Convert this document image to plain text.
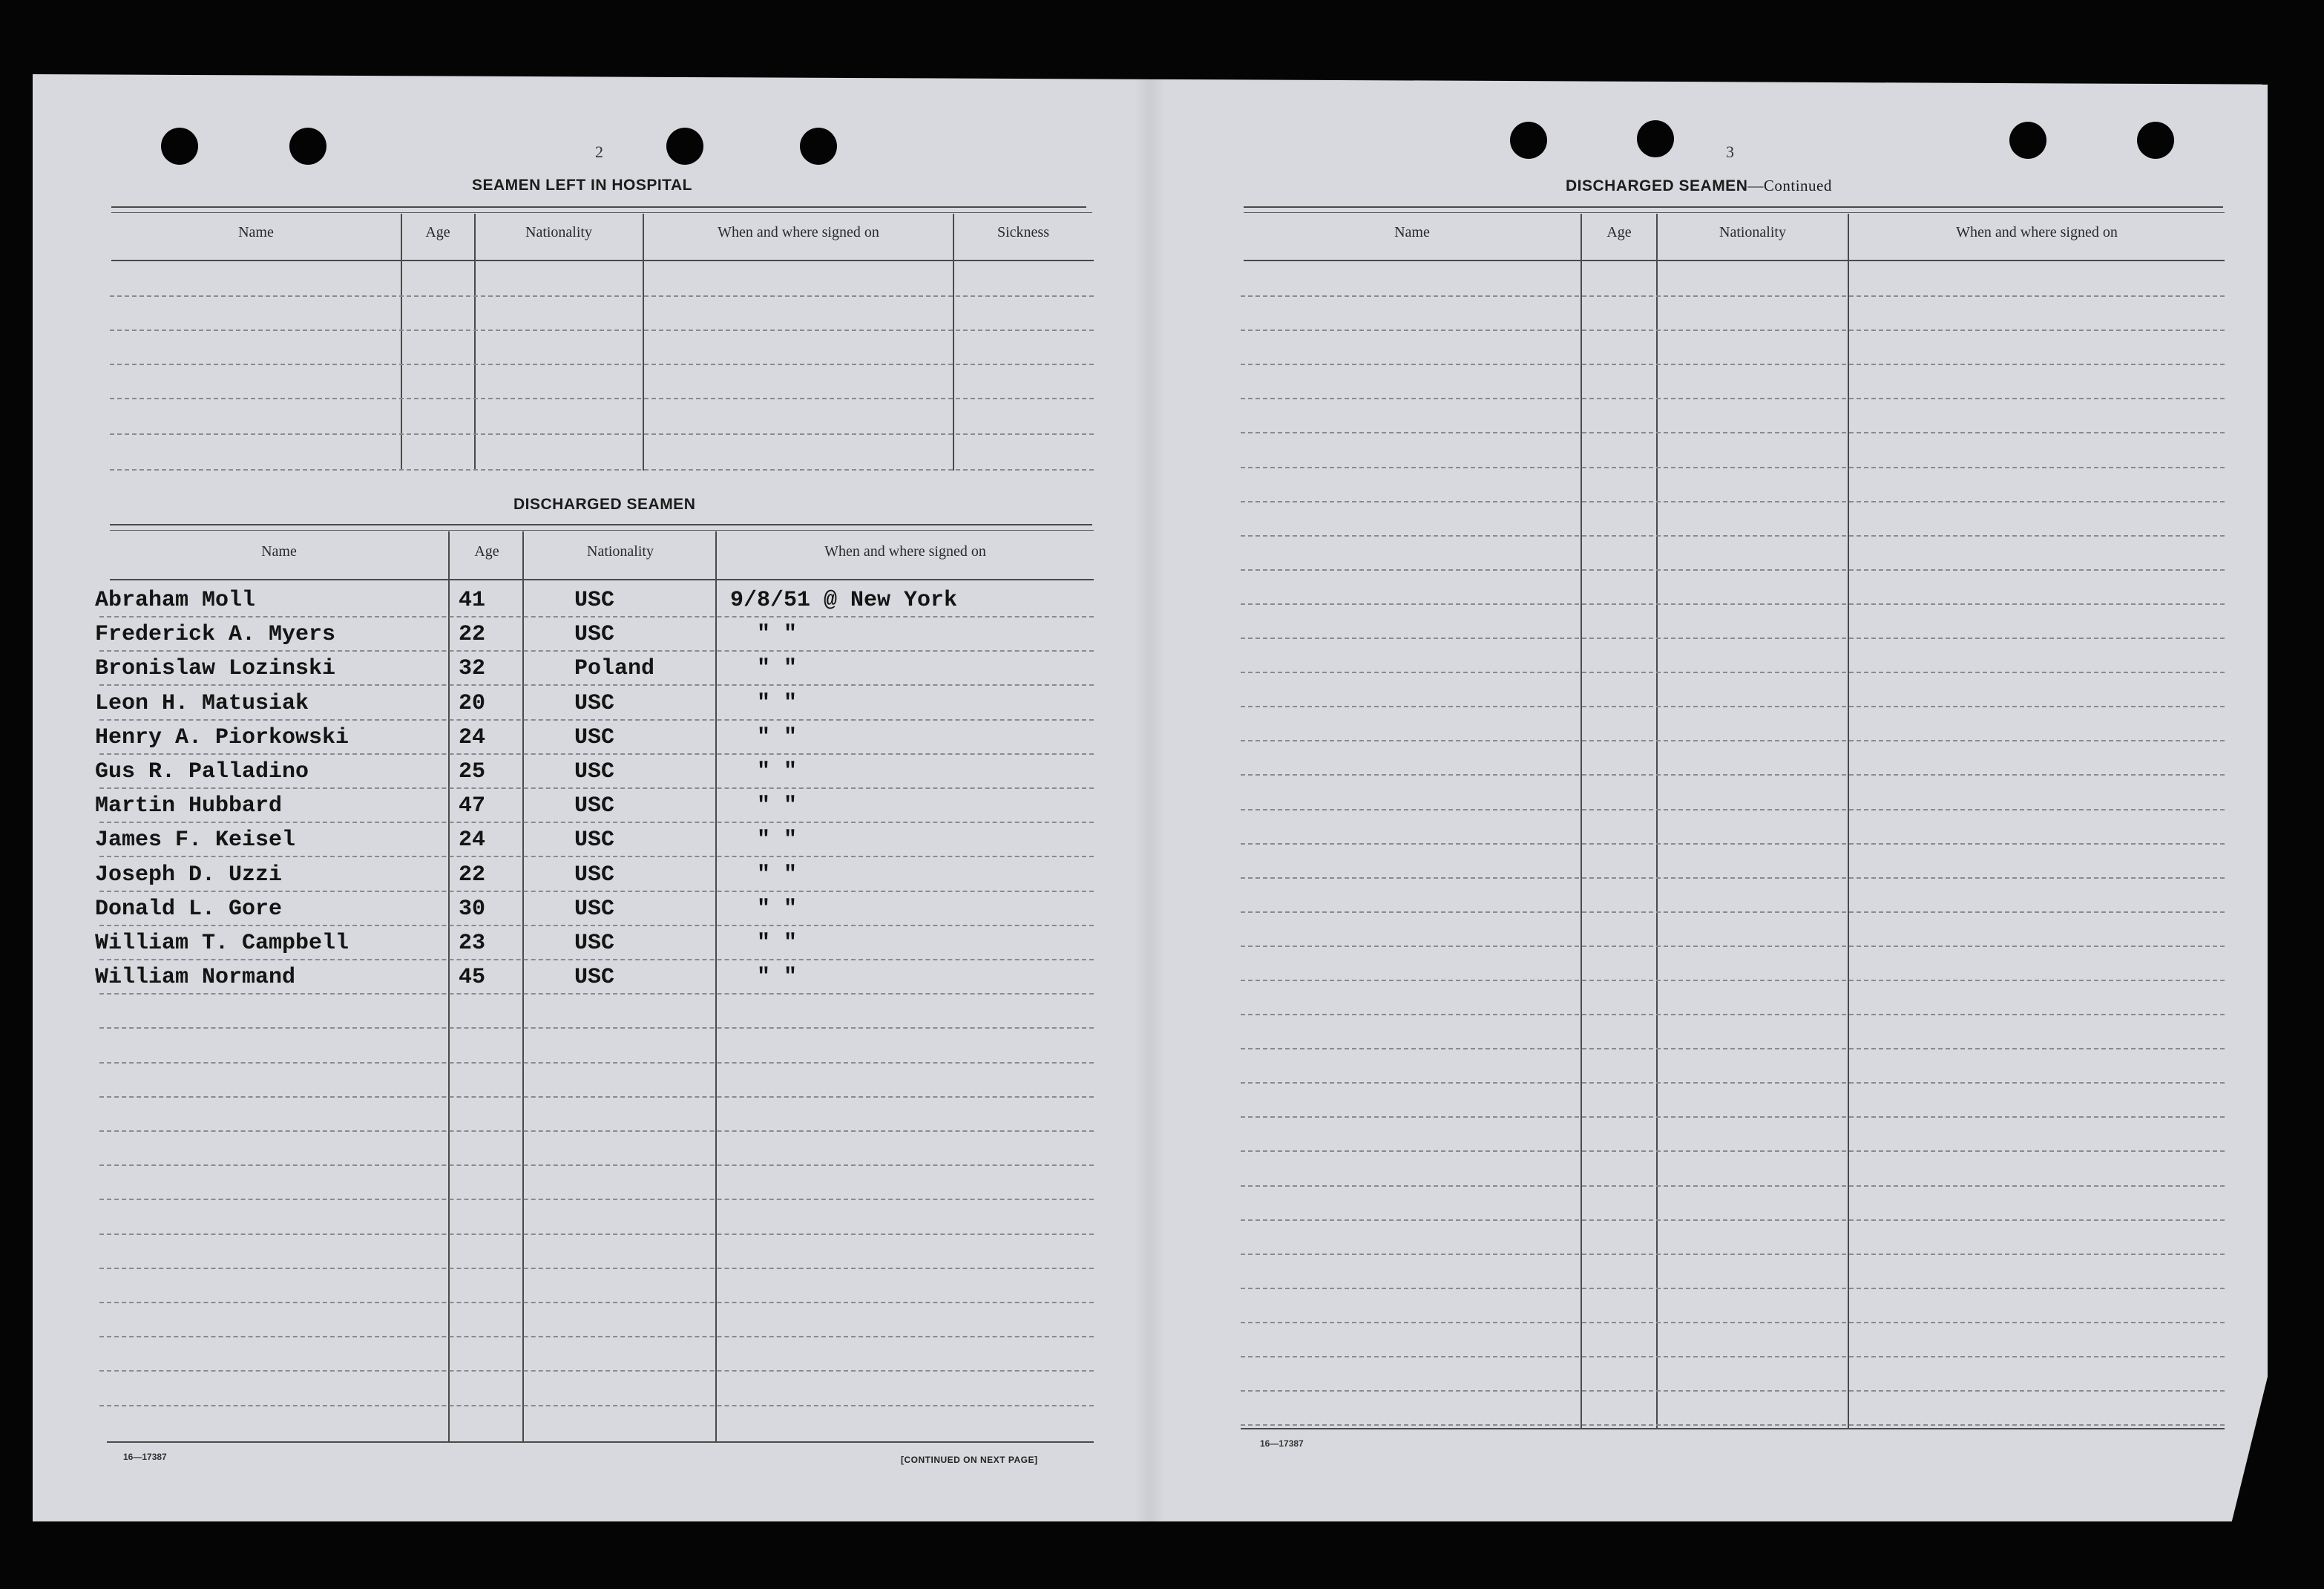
2
SEAMEN LEFT IN HOSPITAL
Name	Age	Nationality	When and where signed on	Sickness
DISCHARGED SEAMEN
Name	Age	Nationality	When and where signed on
Abraham Moll	41	USC	9/8/51 @ New York
Frederick A. Myers	22	USC	" "
Bronislaw Lozinski	32	Poland	" "
Leon H. Matusiak	20	USC	" "
Henry A. Piorkowski	24	USC	" "
Gus R. Palladino	25	USC	" "
Martin Hubbard	47	USC	" "
James F. Keisel	24	USC	" "
Joseph D. Uzzi	22	USC	" "
Donald L. Gore	30	USC	" "
William T. Campbell	23	USC	" "
William Normand	45	USC	" "
16—17387	[CONTINUED ON NEXT PAGE]
3
DISCHARGED SEAMEN—Continued
Name	Age	Nationality	When and where signed on
16—17387
